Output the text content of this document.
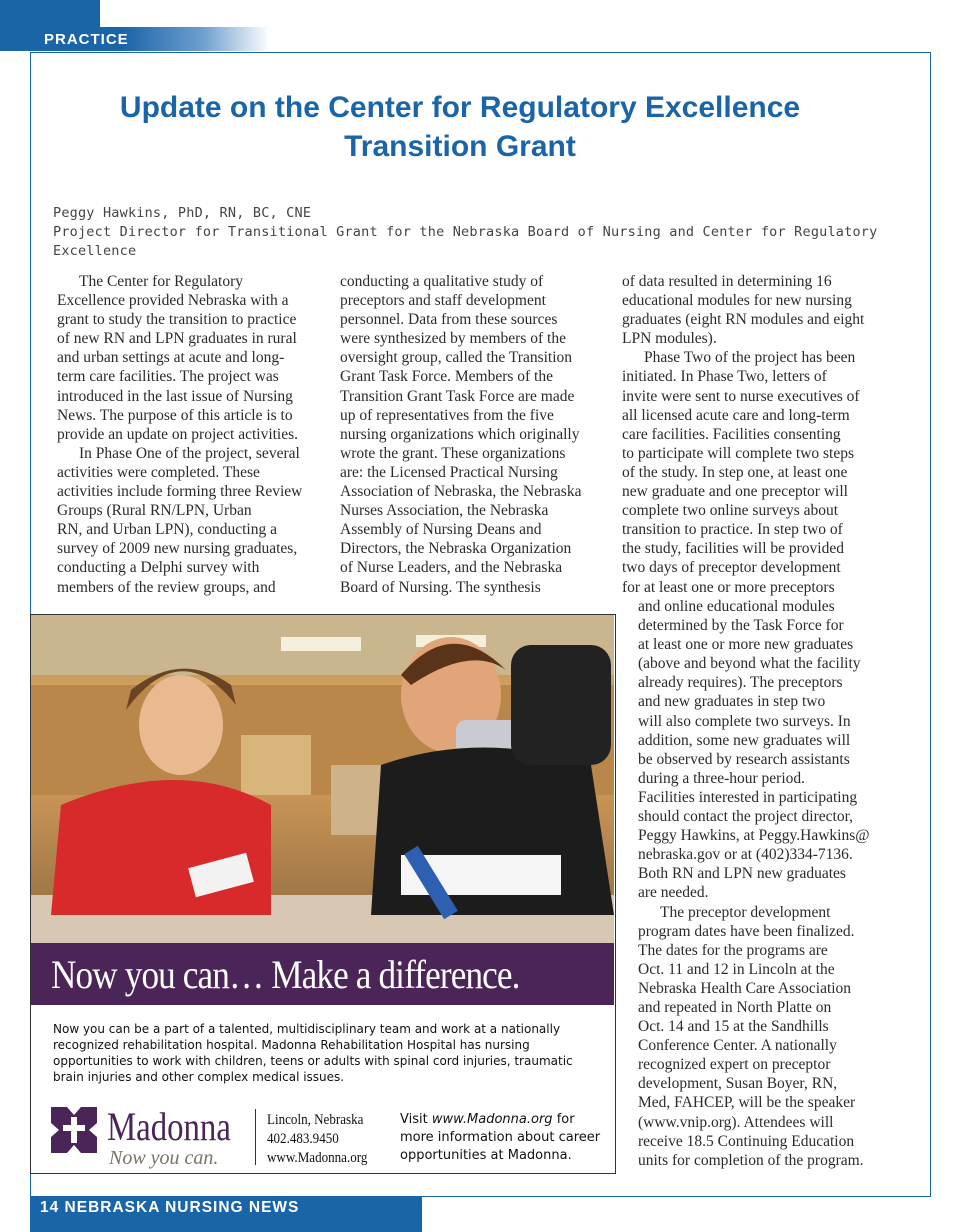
PRACTICE
Update on the Center for Regulatory Excellence Transition Grant
Peggy Hawkins, PhD, RN, BC, CNE
Project Director for Transitional Grant for the Nebraska Board of Nursing and Center for Regulatory Excellence
The Center for Regulatory
Excellence provided Nebraska with a
grant to study the transition to practice
of new RN and LPN graduates in rural
and urban settings at acute and long-
term care facilities. The project was
introduced in the last issue of Nursing
News. The purpose of this article is to
provide an update on project activities.
In Phase One of the project, several
activities were completed. These
activities include forming three Review
Groups (Rural RN/LPN, Urban
RN, and Urban LPN), conducting a
survey of 2009 new nursing graduates,
conducting a Delphi survey with
members of the review groups, and
conducting a qualitative study of
preceptors and staff development
personnel. Data from these sources
were synthesized by members of the
oversight group, called the Transition
Grant Task Force. Members of the
Transition Grant Task Force are made
up of representatives from the five
nursing organizations which originally
wrote the grant. These organizations
are: the Licensed Practical Nursing
Association of Nebraska, the Nebraska
Nurses Association, the Nebraska
Assembly of Nursing Deans and
Directors, the Nebraska Organization
of Nurse Leaders, and the Nebraska
Board of Nursing. The synthesis
of data resulted in determining 16
educational modules for new nursing
graduates (eight RN modules and eight
LPN modules).
Phase Two of the project has been
initiated. In Phase Two, letters of
invite were sent to nurse executives of
all licensed acute care and long-term
care facilities. Facilities consenting
to participate will complete two steps
of the study. In step one, at least one
new graduate and one preceptor will
complete two online surveys about
transition to practice. In step two of
the study, facilities will be provided
two days of preceptor development
for at least one or more preceptors
and online educational modules
determined by the Task Force for
at least one or more new graduates
(above and beyond what the facility
already requires). The preceptors
and new graduates in step two
will also complete two surveys. In
addition, some new graduates will
be observed by research assistants
during a three-hour period.
Facilities interested in participating
should contact the project director,
Peggy Hawkins, at Peggy.Hawkins@
nebraska.gov or at (402)334-7136.
Both RN and LPN new graduates
are needed.
The preceptor development
program dates have been finalized.
The dates for the programs are
Oct. 11 and 12 in Lincoln at the
Nebraska Health Care Association
and repeated in North Platte on
Oct. 14 and 15 at the Sandhills
Conference Center. A nationally
recognized expert on preceptor
development, Susan Boyer, RN,
Med, FAHCEP, will be the speaker
(www.vnip.org). Attendees will
receive 18.5 Continuing Education
units for completion of the program.
Now you can… Make a difference.

Now you can be a part of a talented, multidisciplinary team and work at a nationally recognized rehabilitation hospital. Madonna Rehabilitation Hospital has nursing opportunities to work with children, teens or adults with spinal cord injuries, traumatic brain injuries and other complex medical issues.

Madonna
Now you can.
Lincoln, Nebraska
402.483.9450
www.Madonna.org
Visit www.Madonna.org for more information about career opportunities at Madonna.
14 NEBRASKA NURSING NEWS
